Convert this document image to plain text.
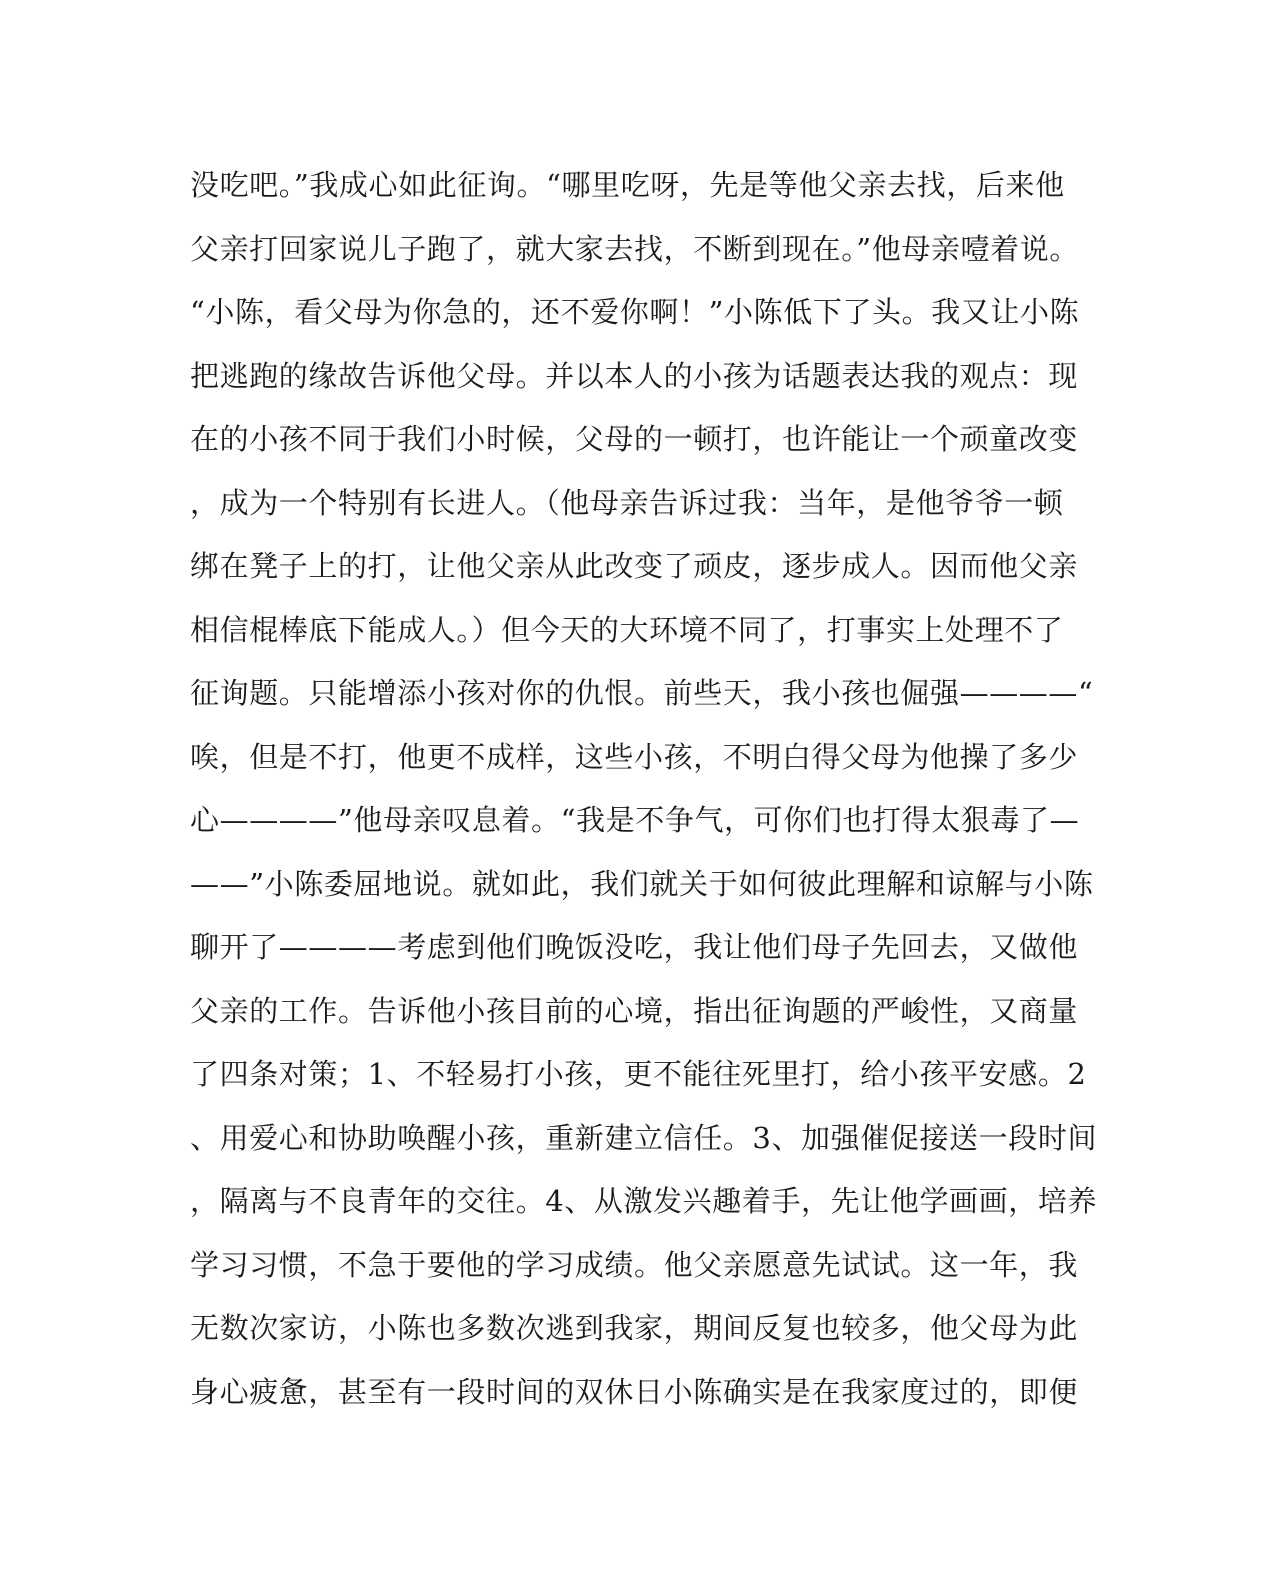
没吃吧。”我成心如此征询。“哪里吃呀，先是等他父亲去找，后来他
父亲打回家说儿子跑了，就大家去找，不断到现在。”他母亲噎着说。
“小陈，看父母为你急的，还不爱你啊！”小陈低下了头。我又让小陈
把逃跑的缘故告诉他父母。并以本人的小孩为话题表达我的观点：现
在的小孩不同于我们小时候，父母的一顿打，也许能让一个顽童改变
，成为一个特别有长进人。（他母亲告诉过我：当年，是他爷爷一顿
绑在凳子上的打，让他父亲从此改变了顽皮，逐步成人。因而他父亲
相信棍棒底下能成人。）但今天的大环境不同了，打事实上处理不了
征询题。只能增添小孩对你的仇恨。前些天，我小孩也倔强————“
唉，但是不打，他更不成样，这些小孩，不明白得父母为他操了多少
心————”他母亲叹息着。“我是不争气，可你们也打得太狠毒了—
——”小陈委屈地说。就如此，我们就关于如何彼此理解和谅解与小陈
聊开了————考虑到他们晚饭没吃，我让他们母子先回去，又做他
父亲的工作。告诉他小孩目前的心境，指出征询题的严峻性，又商量
了四条对策；1、不轻易打小孩，更不能往死里打，给小孩平安感。2
、用爱心和协助唤醒小孩，重新建立信任。3、加强催促接送一段时间
，隔离与不良青年的交往。4、从激发兴趣着手，先让他学画画，培养
学习习惯，不急于要他的学习成绩。他父亲愿意先试试。这一年，我
无数次家访，小陈也多数次逃到我家，期间反复也较多，他父母为此
身心疲惫，甚至有一段时间的双休日小陈确实是在我家度过的，即便
